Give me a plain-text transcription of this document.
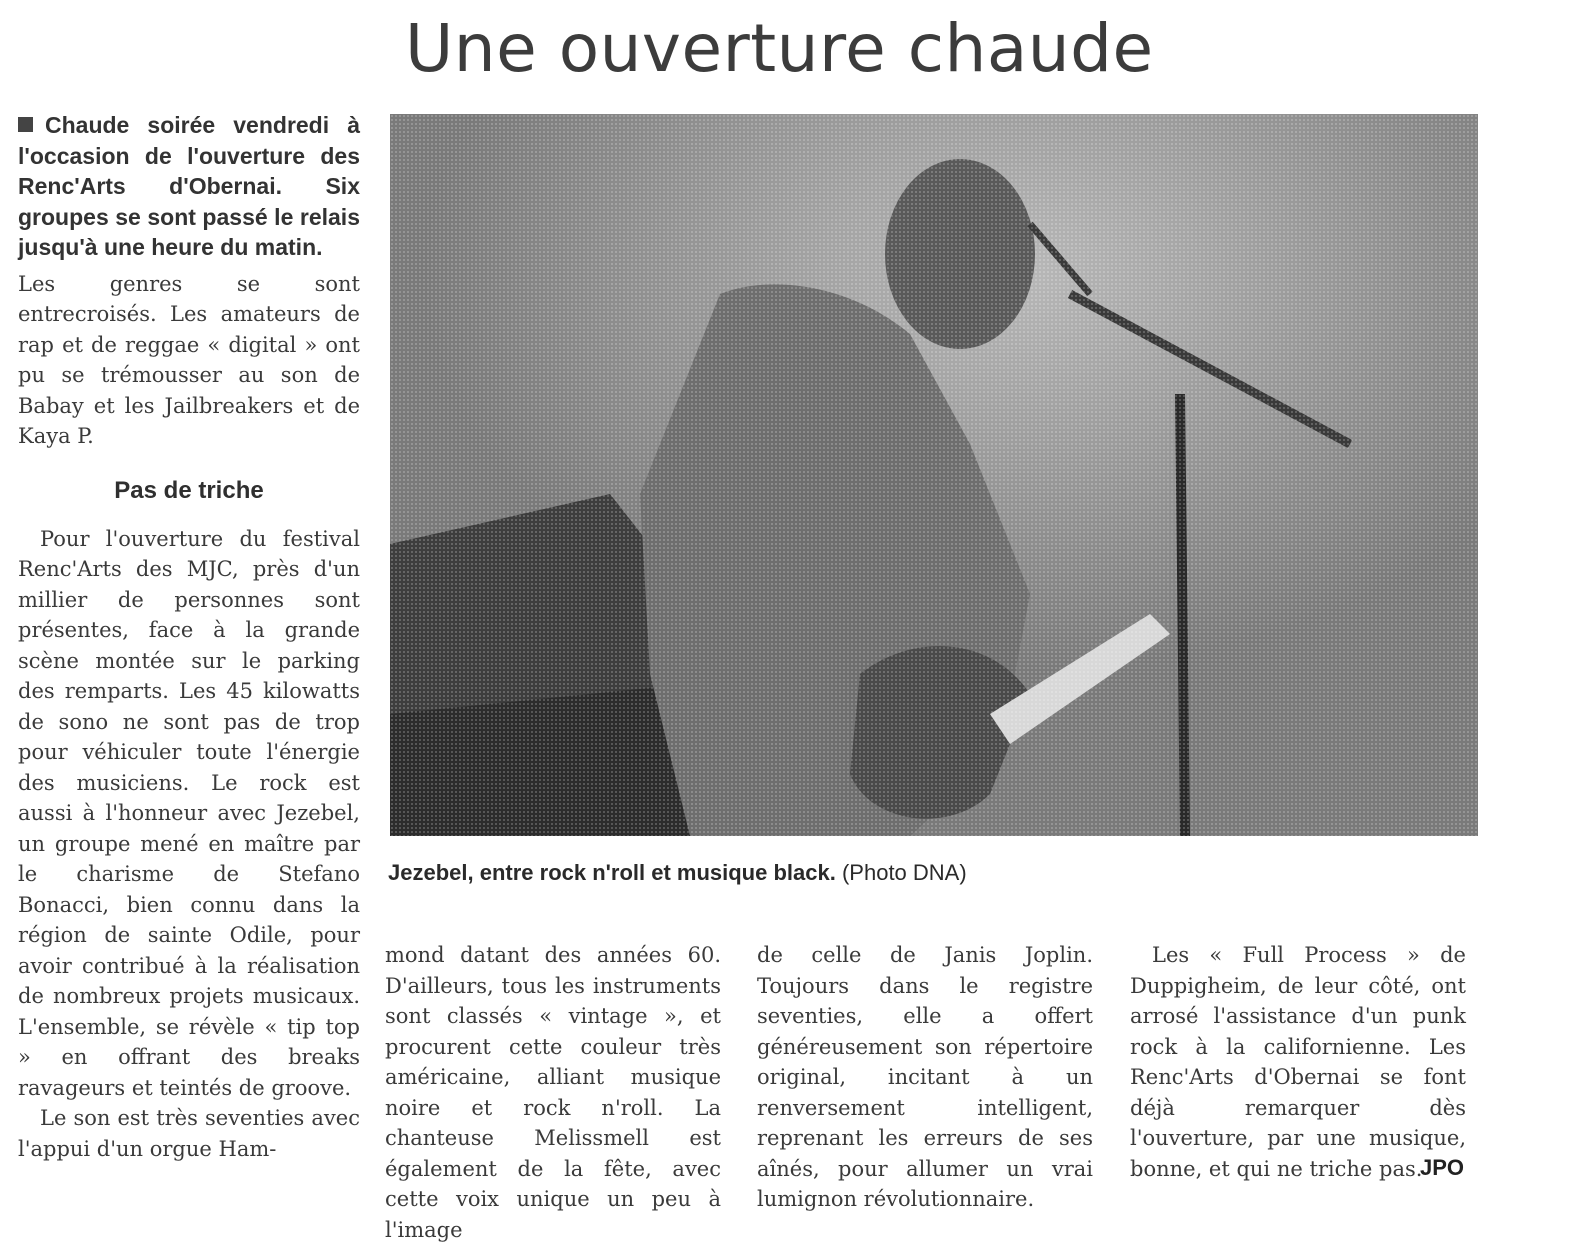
Une ouverture chaude

Chaude soirée vendredi à l'occasion de l'ouverture des Renc'Arts d'Obernai. Six groupes se sont passé le relais jusqu'à une heure du matin.

Les genres se sont entrecroisés. Les amateurs de rap et de reggae « digital » ont pu se trémousser au son de Babay et les Jailbreakers et de Kaya P.

Pas de triche

Pour l'ouverture du festival Renc'Arts des MJC, près d'un millier de personnes sont présentes, face à la grande scène montée sur le parking des remparts. Les 45 kilowatts de sono ne sont pas de trop pour véhiculer toute l'énergie des musiciens. Le rock est aussi à l'honneur avec Jezebel, un groupe mené en maître par le charisme de Stefano Bonacci, bien connu dans la région de sainte Odile, pour avoir contribué à la réalisation de nombreux projets musicaux. L'ensemble, se révèle « tip top » en offrant des breaks ravageurs et teintés de groove.

Le son est très seventies avec l'appui d'un orgue Ham-

Jezebel, entre rock n'roll et musique black. (Photo DNA)

mond datant des années 60. D'ailleurs, tous les instruments sont classés « vintage », et procurent cette couleur très américaine, alliant musique noire et rock n'roll. La chanteuse Melissmell est également de la fête, avec cette voix unique un peu à l'image

de celle de Janis Joplin. Toujours dans le registre seventies, elle a offert généreusement son répertoire original, incitant à un renversement intelligent, reprenant les erreurs de ses aînés, pour allumer un vrai lumignon révolutionnaire.

Les « Full Process » de Duppigheim, de leur côté, ont arrosé l'assistance d'un punk rock à la californienne. Les Renc'Arts d'Obernai se font déjà remarquer dès l'ouverture, par une musique, bonne, et qui ne triche pas.

JPO
